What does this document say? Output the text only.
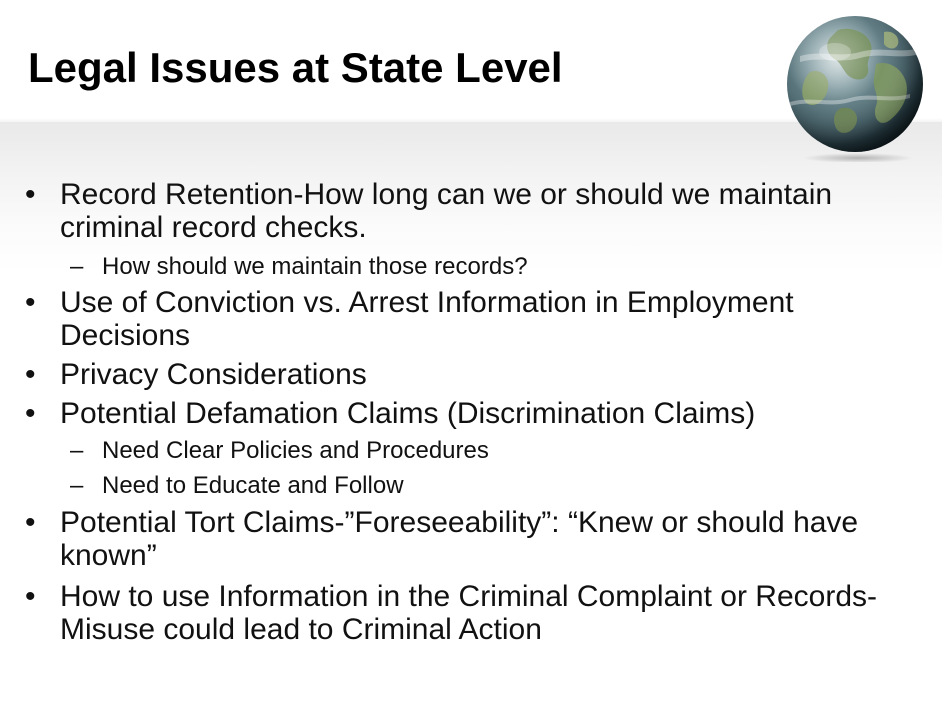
Legal Issues at State Level
• Record Retention-How long can we or should we maintain criminal record checks.
– How should we maintain those records?
• Use of Conviction vs. Arrest Information in Employment Decisions
• Privacy Considerations
• Potential Defamation Claims (Discrimination Claims)
– Need Clear Policies and Procedures
– Need to Educate and Follow
• Potential Tort Claims-”Foreseeability”: “Knew or should have known”
• How to use Information in the Criminal Complaint or Records-Misuse could lead to Criminal Action
